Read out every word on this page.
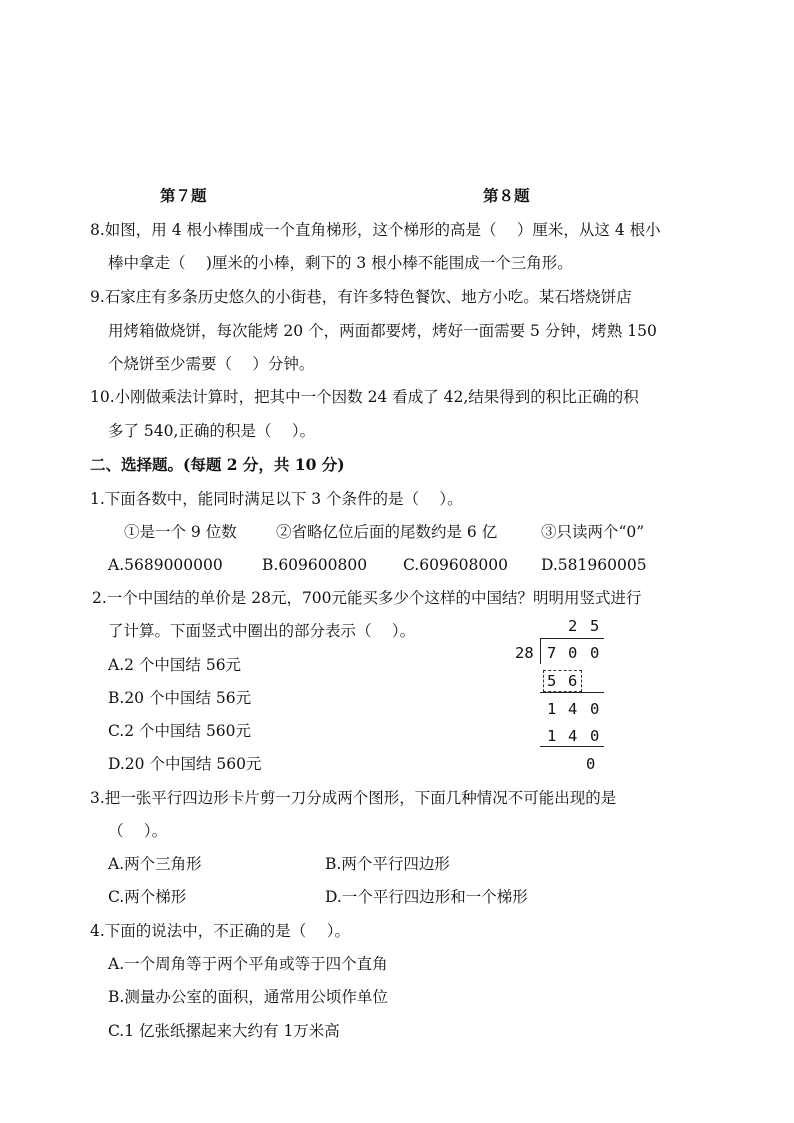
第７题	第８题
8.如图，用 4 根小棒围成一个直角梯形，这个梯形的高是（　 ）厘米，从这 4 根小
棒中拿走（　 )厘米的小棒，剩下的 3 根小棒不能围成一个三角形。
9.石家庄有多条历史悠久的小街巷，有许多特色餐饮、地方小吃。某石塔烧饼店
用烤箱做烧饼，每次能烤 20 个，两面都要烤，烤好一面需要 5 分钟，烤熟 150
个烧饼至少需要（　 ）分钟。
10.小刚做乘法计算时，把其中一个因数 24 看成了 42,结果得到的积比正确的积
多了 540,正确的积是（　 ）。
二、选择题。(每题 2 分，共 10 分)
1.下面各数中，能同时满足以下 3 个条件的是（　 ）。
①是一个 9 位数	②省略亿位后面的尾数约是 6 亿	③只读两个“0”
A.5689000000	B.609600800 C.609608000 D.581960005
2.一个中国结的单价是 28元，700元能买多少个这样的中国结？明明用竖式进行
了计算。下面竖式中圈出的部分表示（　 ）。
A.2 个中国结 56元
B.20 个中国结 56元
C.2 个中国结 560元
D.20 个中国结 560元
2 5
28 7 0 0
5 6
1 4 0
1 4 0
0
3.把一张平行四边形卡片剪一刀分成两个图形，下面几种情况不可能出现的是
（　 ）。
A.两个三角形	B.两个平行四边形
C.两个梯形	D.一个平行四边形和一个梯形
4.下面的说法中，不正确的是（　 ）。
A.一个周角等于两个平角或等于四个直角
B.测量办公室的面积，通常用公顷作单位
C.1 亿张纸摞起来大约有 1万米高
